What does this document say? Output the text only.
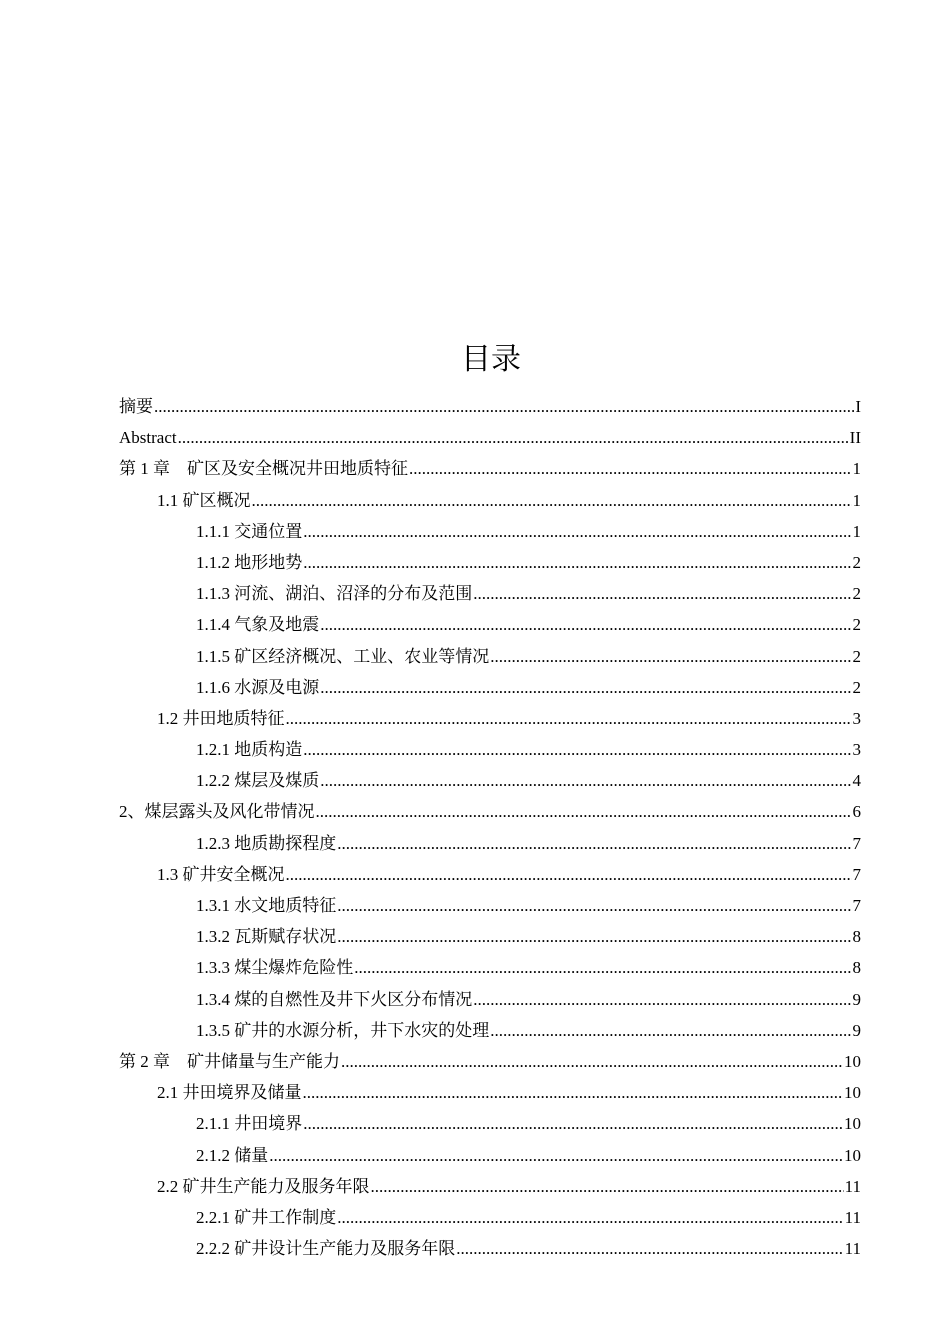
目录
摘要 .....	I
Abstract .....	II
第 1 章　矿区及安全概况井田地质特征 .....	1
1.1 矿区概况 .....	1
1.1.1 交通位置 .....	1
1.1.2 地形地势 .....	2
1.1.3 河流、湖泊、沼泽的分布及范围 .....	2
1.1.4 气象及地震 .....	2
1.1.5 矿区经济概况、工业、农业等情况 .....	2
1.1.6 水源及电源 .....	2
1.2 井田地质特征 .....	3
1.2.1 地质构造 .....	3
1.2.2 煤层及煤质 .....	4
2、煤层露头及风化带情况 .....	6
1.2.3 地质勘探程度 .....	7
1.3 矿井安全概况 .....	7
1.3.1 水文地质特征 .....	7
1.3.2 瓦斯赋存状况 .....	8
1.3.3 煤尘爆炸危险性 .....	8
1.3.4 煤的自燃性及井下火区分布情况 .....	9
1.3.5 矿井的水源分析，井下水灾的处理 .....	9
第 2 章　矿井储量与生产能力 .....	10
2.1 井田境界及储量 .....	10
2.1.1 井田境界 .....	10
2.1.2 储量 .....	10
2.2 矿井生产能力及服务年限 .....	11
2.2.1 矿井工作制度 .....	11
2.2.2 矿井设计生产能力及服务年限 .....	11
